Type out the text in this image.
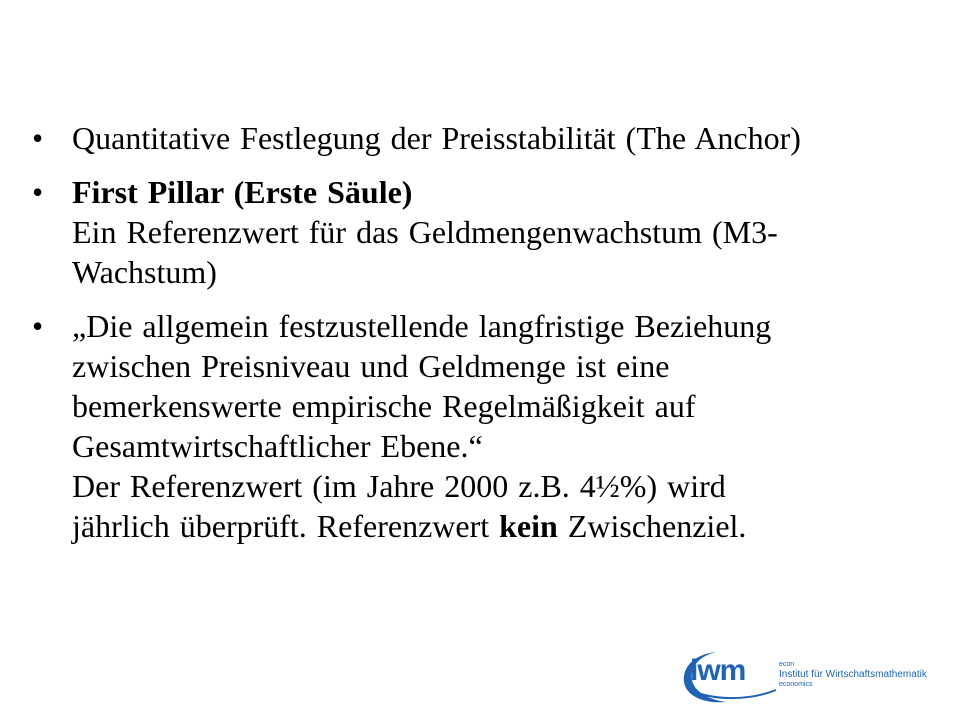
• Quantitative Festlegung der Preisstabilität (The Anchor)
• First Pillar (Erste Säule)
Ein Referenzwert für das Geldmengenwachstum (M3-
Wachstum)
• „Die allgemein festzustellende langfristige Beziehung
zwischen Preisniveau und Geldmenge ist eine
bemerkenswerte empirische Regelmäßigkeit auf
Gesamtwirtschaftlicher Ebene.“
Der Referenzwert (im Jahre 2000 z.B. 4½%) wird
jährlich überprüft. Referenzwert kein Zwischenziel.
iwm	econ
Institut für Wirtschaftsmathematik
economics
